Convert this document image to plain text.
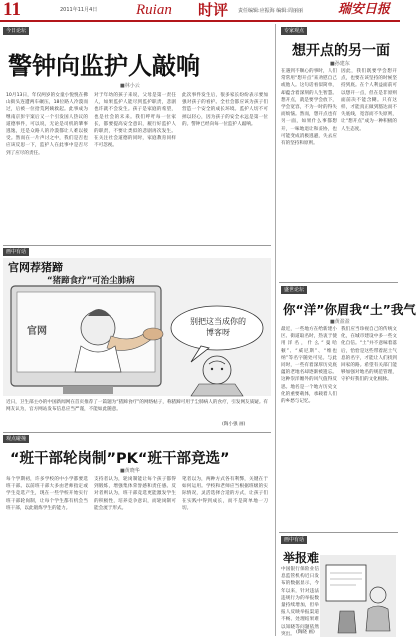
11	2011年11月4日	Ruian 时评 责任编辑:应振海 编辑:周丽丽	瑞安日报
今日论坛
警钟向监护人敲响
■林小云
10月13日，年仅两岁的女童小悦悦在佛山街头连遭两车碾压，18位路人冷漠而过，后被一位拾荒阿姨救起。此事成为继南京彭宇案后又一个引发国人热议的道德事件，可以说，无论是司机的肇事逃逸，还是众路人的冷漠都让人难以接受。然而在一片声讨之中，我们是否也应该反思一下，监护人在此事中是否尽到了应尽的责任。
对于年幼的孩子来说，父母是第一责任人，如果监护人能尽到监护职责，悲剧也许就不会发生。孩子是家庭的希望，也是社会的未来。我们呼吁每一位家长，都要提高安全意识，履行好监护人的职责，不要让类似的悲剧再次发生。在关注社会道德的同时，家庭教育同样不可忽视。
此次事件发生后，很多家长纷纷表示要加强对孩子的看护。全社会都应该为孩子们营造一个安全的成长环境。监护人切不可掉以轻心，因为孩子的安全永远是第一位的。警钟已经向每一位监护人敲响。
画中有话
官网荐猪蹄
“猪蹄食疗”可治尘肺病
官网
别把这当成你的博客呀
近日，卫生部主办的中国新闻网在首页推荐了一篇题为“猪蹄食疗”的网络帖子，称猪蹄可用于尘肺病人的食疗，引发网友质疑。有网友认为，官方网站发布信息应当严谨，不能如此随意。
(陶小强 画)
观点碰撞
“班干部轮岗制”PK“班干部竞选”
■黄晓华
每个学期初，许多学校的中小学都要选班干部。以前班干部大多由老师指定或学生竞选产生，现在一些学校开始实行班干部轮岗制，让每个学生都有机会当班干部，以此锻炼学生的能力。
支持者认为，轮岗制能让每个孩子都得到锻炼，增强集体荣誉感和责任感。反对者则认为，班干部竞选更能激发学生的积极性，培养竞争意识，而轮岗制可能会流于形式。
笔者以为，两种方式各有利弊，关键在于如何运用。学校和老师应当根据班级的实际情况，灵活选择合适的方式，让孩子们在实践中得到成长，而不是简单地一刀切。
专家观点
想开点的另一面
■孙建东
在遇到不顺心的事时，人们常常用“想开点”来劝慰自己或他人。这句话看似简单，却蕴含着深刻的人生智慧。想开点，就是要学会放下，学会宽容，不为一时的得失而烦恼。然而，想开点也有另一面，如果什么事都想开，一味地退让和妥协，也可能变成消极逃避，失去应有的坚持和原则。
因此，我们既要学会想开点，也要在该坚持的时候坚持到底。在个人利益面前可以想开一点，但在是非原则面前决不能含糊。只有这样，才能真正做到豁达而不失底线，宽容而不失原则，让“想开点”成为一种积极的人生态度。
盛世论坛
你“洋”你眉我“土”我气
■黄盈盈
最近，一些地方在给新建小区、街道取名时，热衷于使用洋名，什么“曼哈顿”、“威尼斯”、“维也纳”等名字随处可见。与此同时，一些有着深厚历史底蕴的老地名却逐渐被遗忘。这种崇洋媚外的风气值得反思。地名是一个地方历史文化的重要载体，承载着人们的乡愁与记忆。
我们应当珍视自己的传统文化，在城市建设中多一些文化自信。“土”并不意味着落后，恰恰是这些带着泥土气息的名字，才能让人们找到回家的路。希望有关部门能够加强对地名的规范管理，守护好我们的文化根脉。
画中有话
举报难
中国银行保险业信息监管机构近日发布的数据显示，今年以来，针对违法违规行为的举报数量持续增加，但举报人反映举报渠道不畅、处理结果难以知晓等问题依然突出。 (陶晓 画)
